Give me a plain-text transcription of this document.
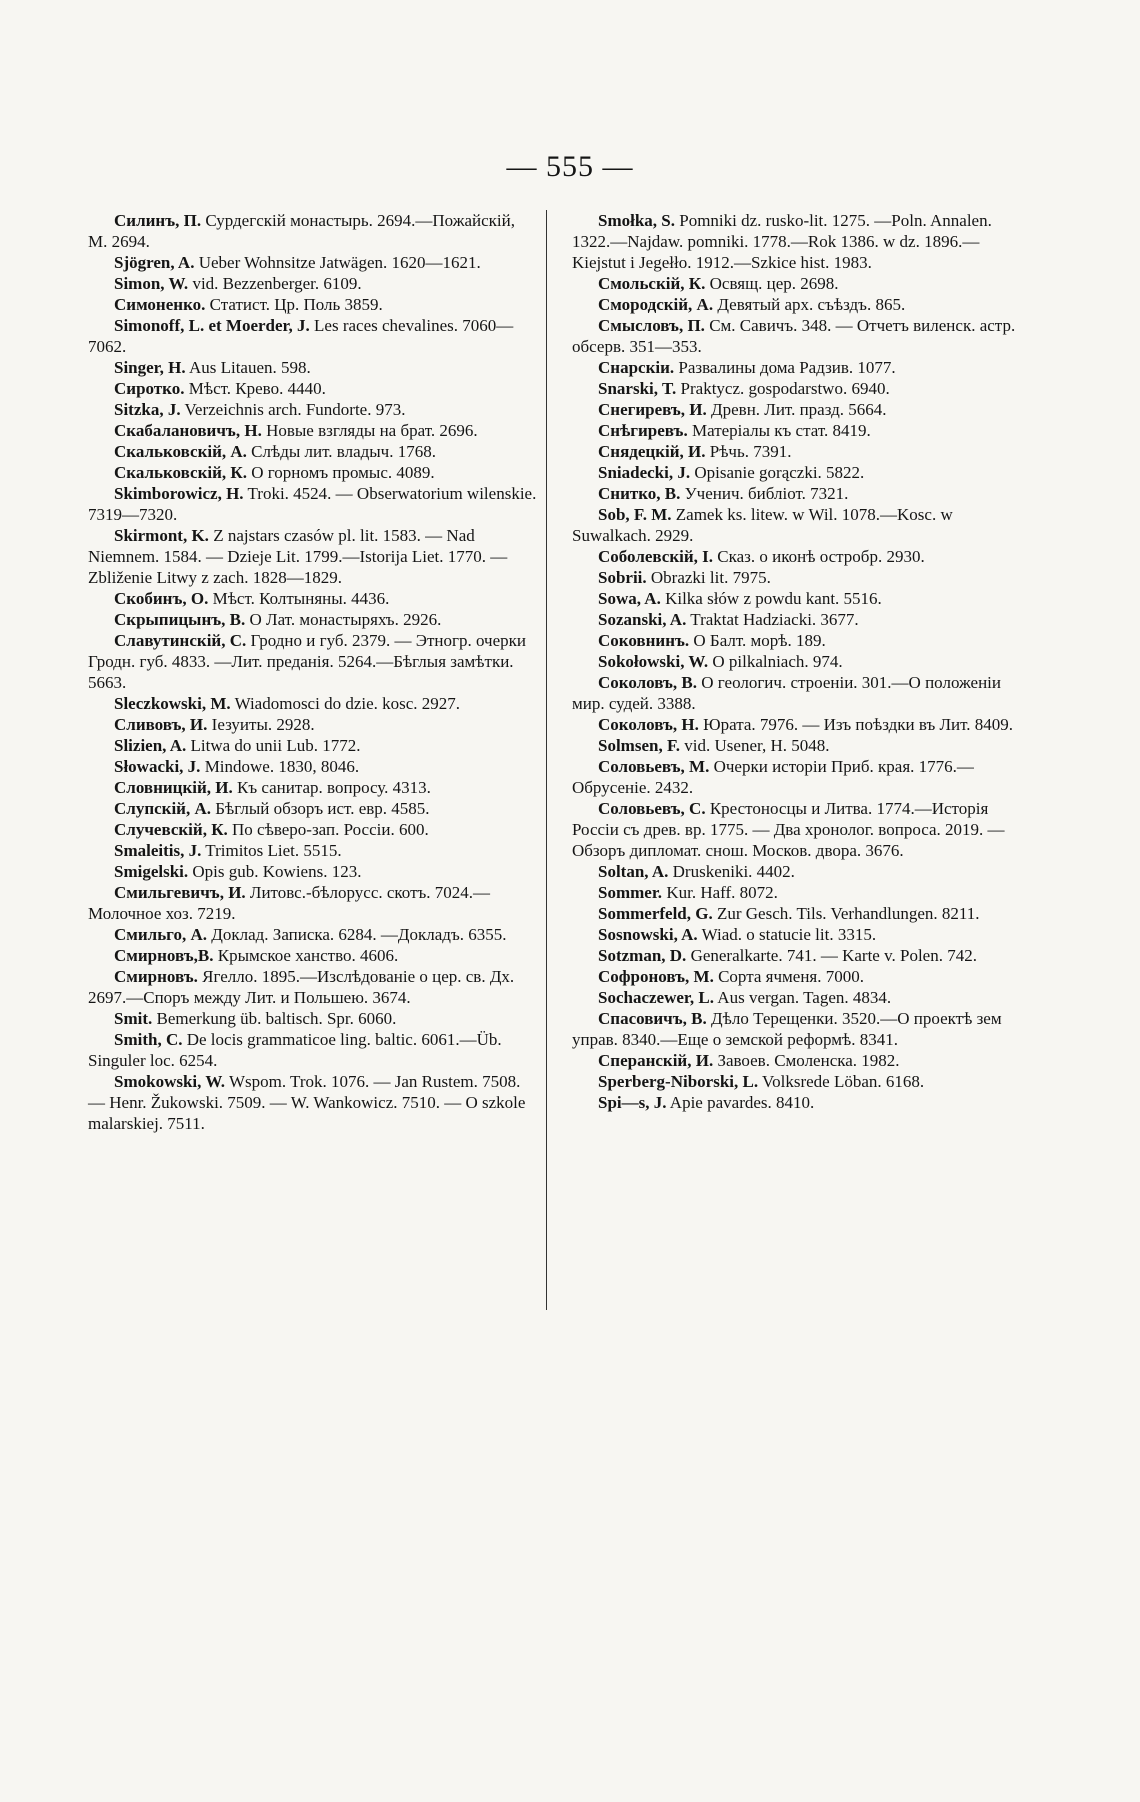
— 555 —

Силинъ, П. Сурдегскій монастырь. 2694.—Пожайскій, М. 2694.

Sjögren, A. Ueber Wohnsitze Jatwägen. 1620—1621.

Simon, W. vid. Bezzenberger. 6109.

Симоненко. Статист. Цр. Поль 3859.

Simonoff, L. et Moerder, J. Les races chevalines. 7060—7062.

Singer, H. Aus Litauen. 598.

Сиротко. Мѣст. Крево. 4440.

Sitzka, J. Verzeichnis arch. Fundorte. 973.

Скабалановичъ, Н. Новые взгляды на брат. 2696.

Скальковскій, А. Слѣды лит. владыч. 1768.

Скальковскій, К. О горномъ промыс. 4089.

Skimborowicz, H. Troki. 4524. — Obserwatorium wilenskie. 7319—7320.

Skirmont, K. Z najstars czasów pl. lit. 1583. — Nad Niemnem. 1584. — Dzieje Lit. 1799.—Istorija Liet. 1770. — Zbliženie Litwy z zach. 1828—1829.

Скобинъ, О. Мѣст. Колтыняны. 4436.

Скрыпицынъ, В. О Лат. монастыряхъ. 2926.

Славутинскій, С. Гродно и губ. 2379. — Этногр. очерки Гродн. губ. 4833. —Лит. преданія. 5264.—Бѣглыя замѣтки. 5663.

Sleczkowski, M. Wiadomosci do dzie. kosc. 2927.

Сливовъ, И. Іезуиты. 2928.

Slizien, A. Litwa do unii Lub. 1772.

Słowacki, J. Mindowe. 1830, 8046.

Словницкій, И. Къ санитар. вопросу. 4313.

Слупскій, А. Бѣглый обзоръ ист. евр. 4585.

Случевскій, К. По сѣверо-зап. Россіи. 600.

Smaleitis, J. Trimitos Liet. 5515.

Smigelski. Opis gub. Kowiens. 123.

Смильгевичъ, И. Литовс.-бѣлорусс. скотъ. 7024.—Молочное хоз. 7219.

Смильго, А. Доклад. Записка. 6284. —Докладъ. 6355.

Смирновъ,В. Крымское ханство. 4606.

Смирновъ. Ягелло. 1895.—Изслѣдованіе о цер. св. Дх. 2697.—Споръ между Лит. и Польшею. 3674.

Smit. Bemerkung üb. baltisch. Spr. 6060.

Smith, C. De locis grammaticoe ling. baltic. 6061.—Üb. Singuler loc. 6254.

Smokowski, W. Wspom. Trok. 1076. — Jan Rustem. 7508. — Henr. Žukowski. 7509. — W. Wankowicz. 7510. — O szkole malarskiej. 7511.

Smołka, S. Pomniki dz. rusko-lit. 1275. —Poln. Annalen. 1322.—Najdaw. pomniki. 1778.—Rok 1386. w dz. 1896.— Kiejstut i Jegełło. 1912.—Szkice hist. 1983.

Смольскій, К. Освящ. цер. 2698.

Смородскій, А. Девятый арх. съѣздъ. 865.

Смысловъ, П. См. Савичъ. 348. — Отчетъ виленск. астр. обсерв. 351—353.

Снарскіи. Развалины дома Радзив. 1077.

Snarski, T. Praktycz. gospodarstwo. 6940.

Снегиревъ, И. Древн. Лит. празд. 5664.

Снѣгиревъ. Матеріалы къ стат. 8419.

Снядецкій, И. Рѣчь. 7391.

Sniadecki, J. Opisanie gorączki. 5822.

Снитко, В. Ученич. библіот. 7321.

Sob, F. M. Zamek ks. litew. w Wil. 1078.—Kosc. w Suwalkach. 2929.

Соболевскій, І. Сказ. о иконѣ остробр. 2930.

Sobrii. Obrazki lit. 7975.

Sowa, A. Kilka słów z powdu kant. 5516.

Sozanski, A. Traktat Hadziacki. 3677.

Соковнинъ. О Балт. морѣ. 189.

Sokołowski, W. O pilkalniach. 974.

Соколовъ, В. О геологич. строеніи. 301.—О положеніи мир. судей. 3388.

Соколовъ, Н. Юрата. 7976. — Изъ поѣздки въ Лит. 8409.

Solmsen, F. vid. Usener, H. 5048.

Соловьевъ, М. Очерки исторіи Приб. края. 1776.—Обрусеніе. 2432.

Соловьевъ, С. Крестоносцы и Литва. 1774.—Исторія Россіи съ древ. вр. 1775. — Два хронолог. вопроса. 2019. — Обзоръ дипломат. снош. Москов. двора. 3676.

Soltan, A. Druskeniki. 4402.

Sommer. Kur. Haff. 8072.

Sommerfeld, G. Zur Gesch. Tils. Verhandlungen. 8211.

Sosnowski, A. Wiad. o statucie lit. 3315.

Sotzman, D. Generalkarte. 741. — Karte v. Polen. 742.

Софроновъ, М. Сорта ячменя. 7000.

Sochaczewer, L. Aus vergan. Tagen. 4834.

Спасовичъ, В. Дѣло Терещенки. 3520.—О проектѣ зем управ. 8340.—Еще о земской реформѣ. 8341.

Сперанскій, И. Завоев. Смоленска. 1982.

Sperberg-Niborski, L. Volksrede Löban. 6168.

Spi—s, J. Apie pavardes. 8410.
